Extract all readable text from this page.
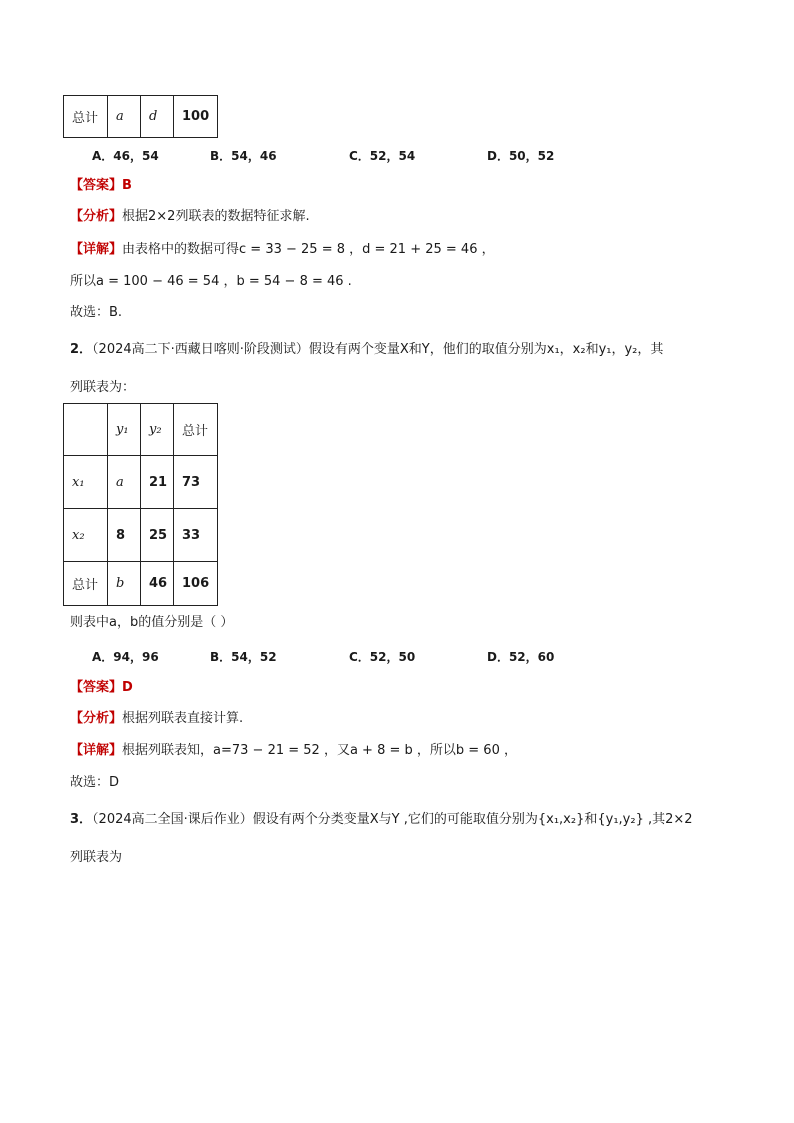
总计	a	d	100
A．46，54	B．54，46	C．52，54	D．50，52
【答案】B
【分析】根据2×2列联表的数据特征求解.
【详解】由表格中的数据可得c = 33 − 25 = 8 ，d = 21 + 25 = 46 ，
所以a = 100 − 46 = 54 ，b = 54 − 8 = 46 .
故选：B.
2．（2024高二下·西藏日喀则·阶段测试）假设有两个变量X和Y，他们的取值分别为x₁，x₂和y₁，y₂，其
列联表为：
	y₁	y₂	总计
x₁	a	21	73
x₂	8	25	33
总计	b	46	106
则表中a，b的值分别是（ ）
A．94，96	B．54，52	C．52，50	D．52，60
【答案】D
【分析】根据列联表直接计算.
【详解】根据列联表知，a=73 − 21 = 52 ，又a + 8 = b ，所以b = 60 ，
故选：D
3．（2024高二全国·课后作业）假设有两个分类变量X与Y ,它们的可能取值分别为{x₁,x₂}和{y₁,y₂} ,其2×2
列联表为
